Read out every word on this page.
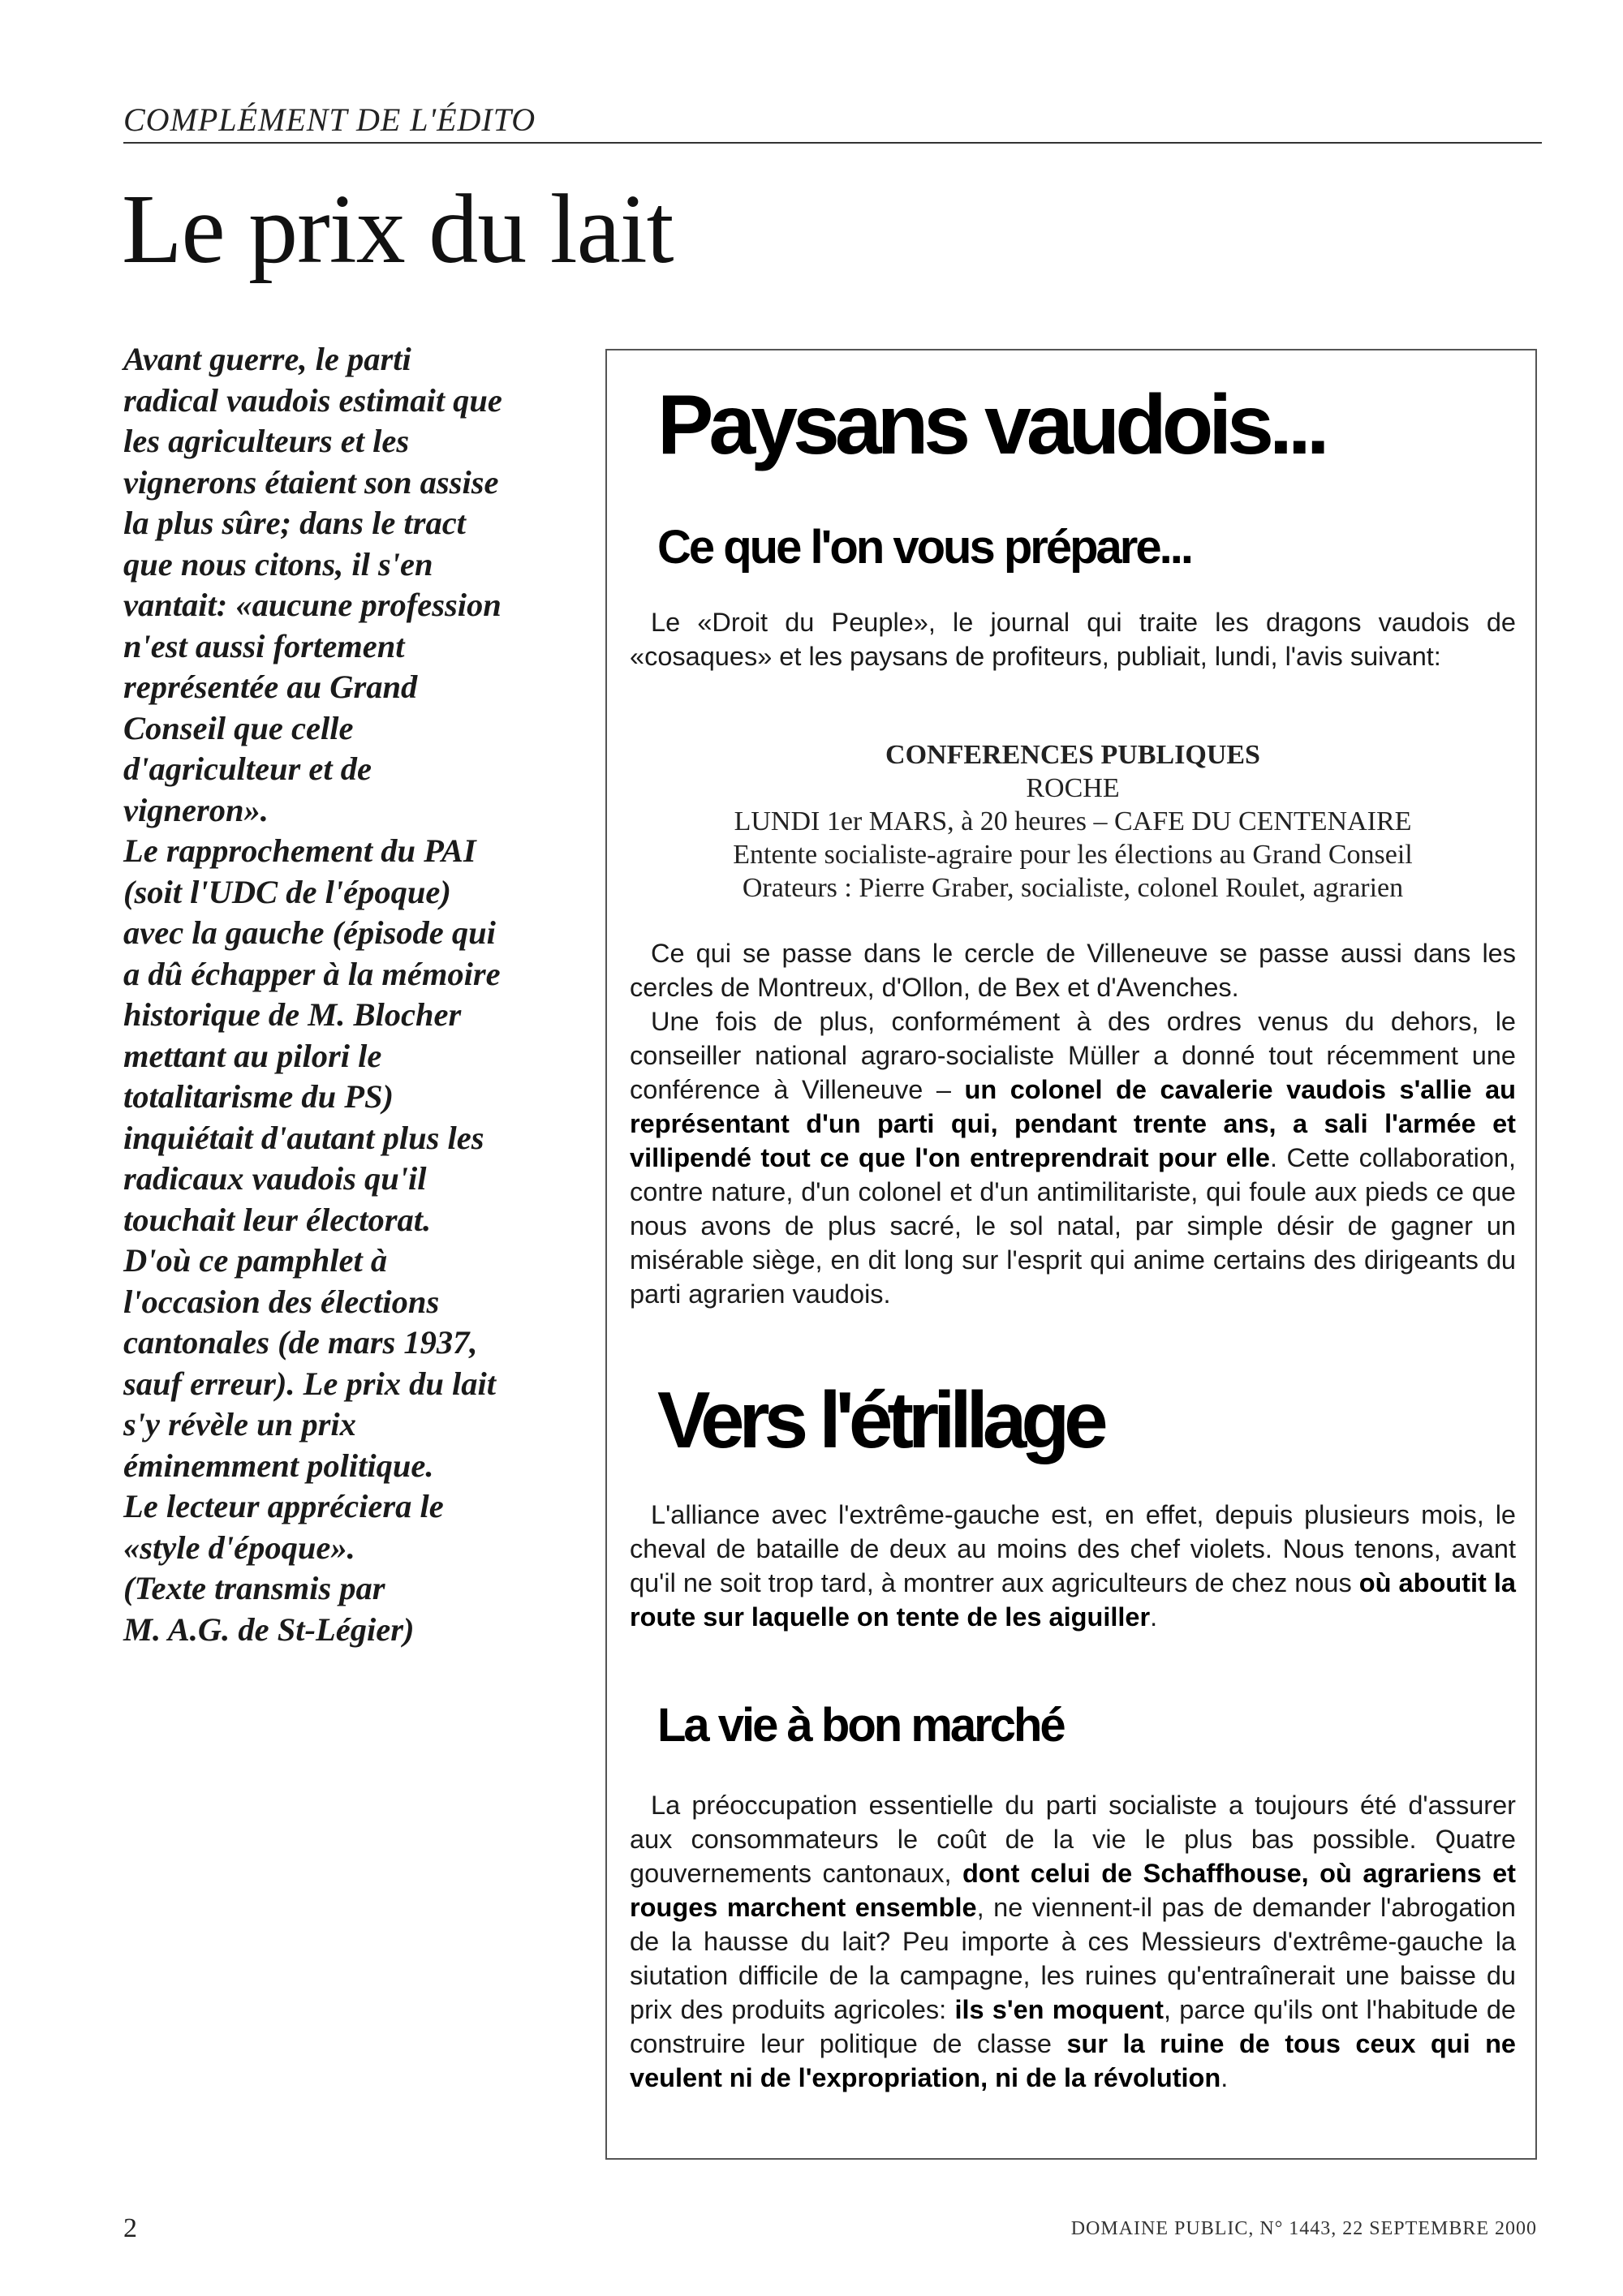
COMPLÉMENT DE L'ÉDITO
Le prix du lait
Avant guerre, le parti
radical vaudois estimait que
les agriculteurs et les
vignerons étaient son assise
la plus sûre; dans le tract
que nous citons, il s'en
vantait: «aucune profession
n'est aussi fortement
représentée au Grand
Conseil que celle
d'agriculteur et de
vigneron».
Le rapprochement du PAI
(soit l'UDC de l'époque)
avec la gauche (épisode qui
a dû échapper à la mémoire
historique de M. Blocher
mettant au pilori le
totalitarisme du PS)
inquiétait d'autant plus les
radicaux vaudois qu'il
touchait leur électorat.
D'où ce pamphlet à
l'occasion des élections
cantonales (de mars 1937,
sauf erreur). Le prix du lait
s'y révèle un prix
éminemment politique.
Le lecteur appréciera le
«style d'époque».
(Texte transmis par
M. A.G. de St-Légier)
Paysans vaudois...
Ce que l'on vous prépare...

Le «Droit du Peuple», le journal qui traite les dragons vaudois de «cosaques» et les paysans de profiteurs, publiait, lundi, l'avis suivant:

CONFERENCES PUBLIQUES
ROCHE
LUNDI 1er MARS, à 20 heures – CAFE DU CENTENAIRE
Entente socialiste-agraire pour les élections au Grand Conseil
Orateurs : Pierre Graber, socialiste, colonel Roulet, agrarien

Ce qui se passe dans le cercle de Villeneuve se passe aussi dans les cercles de Montreux, d'Ollon, de Bex et d'Avenches.

Une fois de plus, conformément à des ordres venus du dehors, le conseiller national agraro-socialiste Müller a donné tout récemment une conférence à Villeneuve – un colonel de cavalerie vaudois s'allie au représentant d'un parti qui, pendant trente ans, a sali l'armée et villipendé tout ce que l'on entreprendrait pour elle. Cette collaboration, contre nature, d'un colonel et d'un antimilitariste, qui foule aux pieds ce que nous avons de plus sacré, le sol natal, par simple désir de gagner un misérable siège, en dit long sur l'esprit qui anime certains des dirigeants du parti agrarien vaudois.

Vers l'étrillage

L'alliance avec l'extrême-gauche est, en effet, depuis plusieurs mois, le cheval de bataille de deux au moins des chef violets. Nous tenons, avant qu'il ne soit trop tard, à montrer aux agriculteurs de chez nous où aboutit la route sur laquelle on tente de les aiguiller.

La vie à bon marché

La préoccupation essentielle du parti socialiste a toujours été d'assurer aux consommateurs le coût de la vie le plus bas possible. Quatre gouvernements cantonaux, dont celui de Schaffhouse, où agrariens et rouges marchent ensemble, ne viennent-il pas de demander l'abrogation de la hausse du lait? Peu importe à ces Messieurs d'extrême-gauche la siutation difficile de la campagne, les ruines qu'entraînerait une baisse du prix des produits agricoles: ils s'en moquent, parce qu'ils ont l'habitude de construire leur politique de classe sur la ruine de tous ceux qui ne veulent ni de l'expropriation, ni de la révolution.

2	DOMAINE PUBLIC, N° 1443, 22 SEPTEMBRE 2000
